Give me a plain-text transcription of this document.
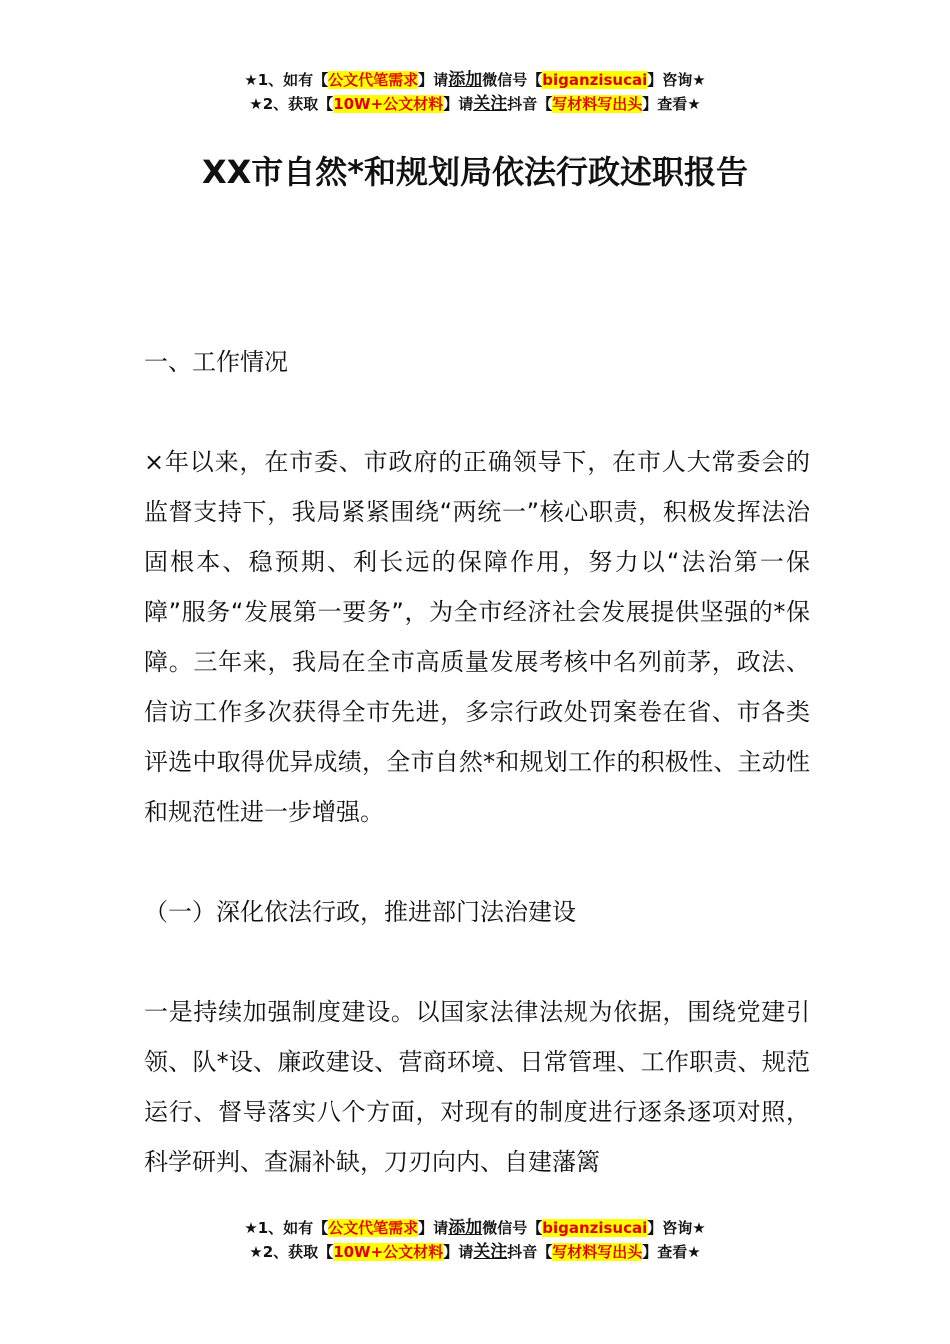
★1、如有【公文代笔需求】请添加微信号【biganzisucai】咨询★
★2、获取【10W+公文材料】请关注抖音【写材料写出头】查看★
XX市自然*和规划局依法行政述职报告

一、工作情况

×年以来，在市委、市政府的正确领导下，在市人大常委会的监督支持下，我局紧紧围绕“两统一”核心职责，积极发挥法治固根本、稳预期、利长远的保障作用，努力以“法治第一保障”服务“发展第一要务”，为全市经济社会发展提供坚强的*保障。三年来，我局在全市高质量发展考核中名列前茅，政法、信访工作多次获得全市先进，多宗行政处罚案卷在省、市各类评选中取得优异成绩，全市自然*和规划工作的积极性、主动性和规范性进一步增强。

（一）深化依法行政，推进部门法治建设

一是持续加强制度建设。以国家法律法规为依据，围绕党建引领、队*设、廉政建设、营商环境、日常管理、工作职责、规范运行、督导落实八个方面，对现有的制度进行逐条逐项对照，科学研判、查漏补缺，刀刃向内、自建藩篱

★1、如有【公文代笔需求】请添加微信号【biganzisucai】咨询★
★2、获取【10W+公文材料】请关注抖音【写材料写出头】查看★
